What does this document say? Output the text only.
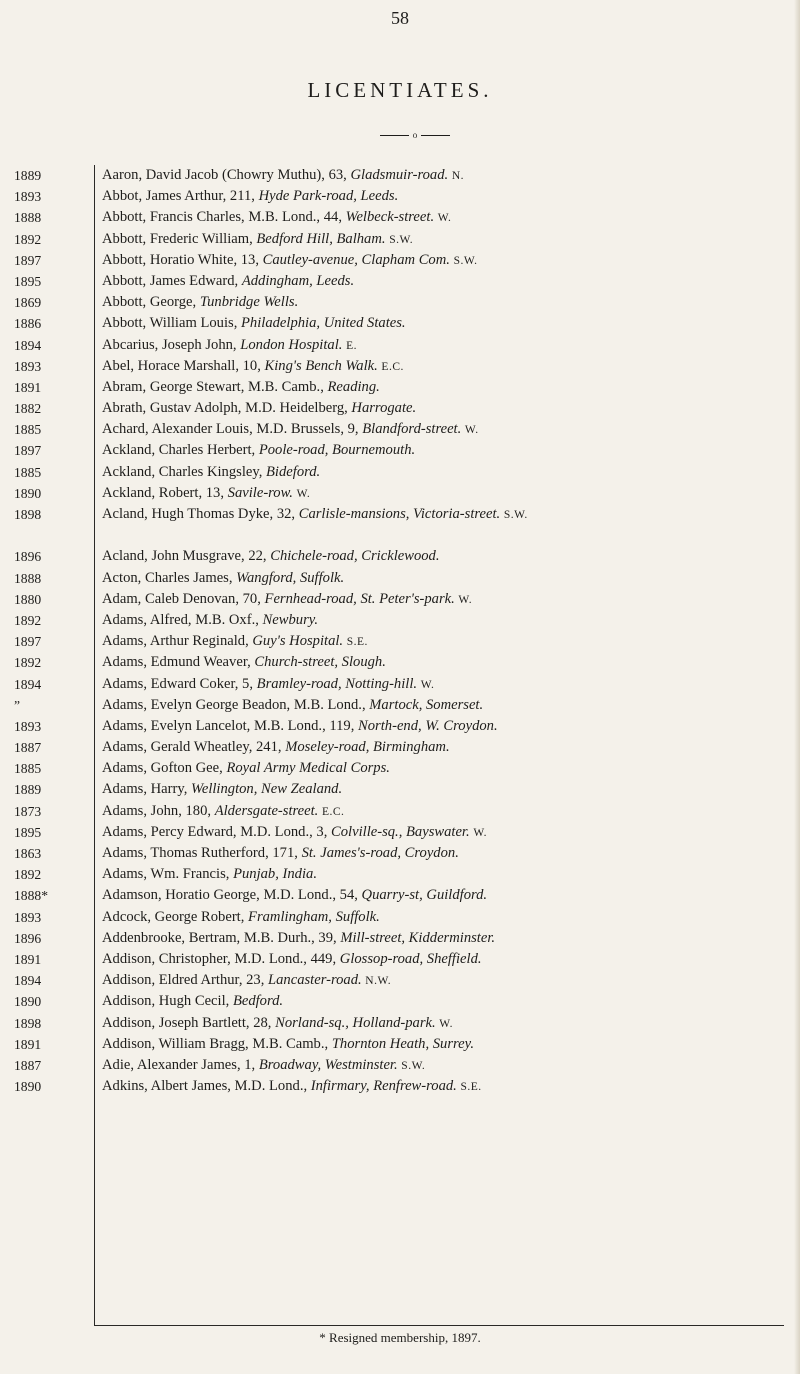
58
LICENTIATES.
o
1889	Aaron, David Jacob (Chowry Muthu), 63, Gladsmuir-road. N.
1893	Abbot, James Arthur, 211, Hyde Park-road, Leeds.
1888	Abbott, Francis Charles, M.B. Lond., 44, Welbeck-street. W.
1892	Abbott, Frederic William, Bedford Hill, Balham. S.W.
1897	Abbott, Horatio White, 13, Cautley-avenue, Clapham Com. S.W.
1895	Abbott, James Edward, Addingham, Leeds.
1869	Abbott, George, Tunbridge Wells.
1886	Abbott, William Louis, Philadelphia, United States.
1894	Abcarius, Joseph John, London Hospital. E.
1893	Abel, Horace Marshall, 10, King's Bench Walk. E.C.
1891	Abram, George Stewart, M.B. Camb., Reading.
1882	Abrath, Gustav Adolph, M.D. Heidelberg, Harrogate.
1885	Achard, Alexander Louis, M.D. Brussels, 9, Blandford-street. W.
1897	Ackland, Charles Herbert, Poole-road, Bournemouth.
1885	Ackland, Charles Kingsley, Bideford.
1890	Ackland, Robert, 13, Savile-row. W.
1898	Acland, Hugh Thomas Dyke, 32, Carlisle-mansions, Victoria-street. S.W.
1896	Acland, John Musgrave, 22, Chichele-road, Cricklewood.
1888	Acton, Charles James, Wangford, Suffolk.
1880	Adam, Caleb Denovan, 70, Fernhead-road, St. Peter's-park. W.
1892	Adams, Alfred, M.B. Oxf., Newbury.
1897	Adams, Arthur Reginald, Guy's Hospital. S.E.
1892	Adams, Edmund Weaver, Church-street, Slough.
1894	Adams, Edward Coker, 5, Bramley-road, Notting-hill. W.
”	Adams, Evelyn George Beadon, M.B. Lond., Martock, Somerset.
1893	Adams, Evelyn Lancelot, M.B. Lond., 119, North-end, W. Croydon.
1887	Adams, Gerald Wheatley, 241, Moseley-road, Birmingham.
1885	Adams, Gofton Gee, Royal Army Medical Corps.
1889	Adams, Harry, Wellington, New Zealand.
1873	Adams, John, 180, Aldersgate-street. E.C.
1895	Adams, Percy Edward, M.D. Lond., 3, Colville-sq., Bayswater. W.
1863	Adams, Thomas Rutherford, 171, St. James's-road, Croydon.
1892	Adams, Wm. Francis, Punjab, India.
1888*	Adamson, Horatio George, M.D. Lond., 54, Quarry-st, Guildford.
1893	Adcock, George Robert, Framlingham, Suffolk.
1896	Addenbrooke, Bertram, M.B. Durh., 39, Mill-street, Kidderminster.
1891	Addison, Christopher, M.D. Lond., 449, Glossop-road, Sheffield.
1894	Addison, Eldred Arthur, 23, Lancaster-road. N.W.
1890	Addison, Hugh Cecil, Bedford.
1898	Addison, Joseph Bartlett, 28, Norland-sq., Holland-park. W.
1891	Addison, William Bragg, M.B. Camb., Thornton Heath, Surrey.
1887	Adie, Alexander James, 1, Broadway, Westminster. S.W.
1890	Adkins, Albert James, M.D. Lond., Infirmary, Renfrew-road. S.E.
* Resigned membership, 1897.
